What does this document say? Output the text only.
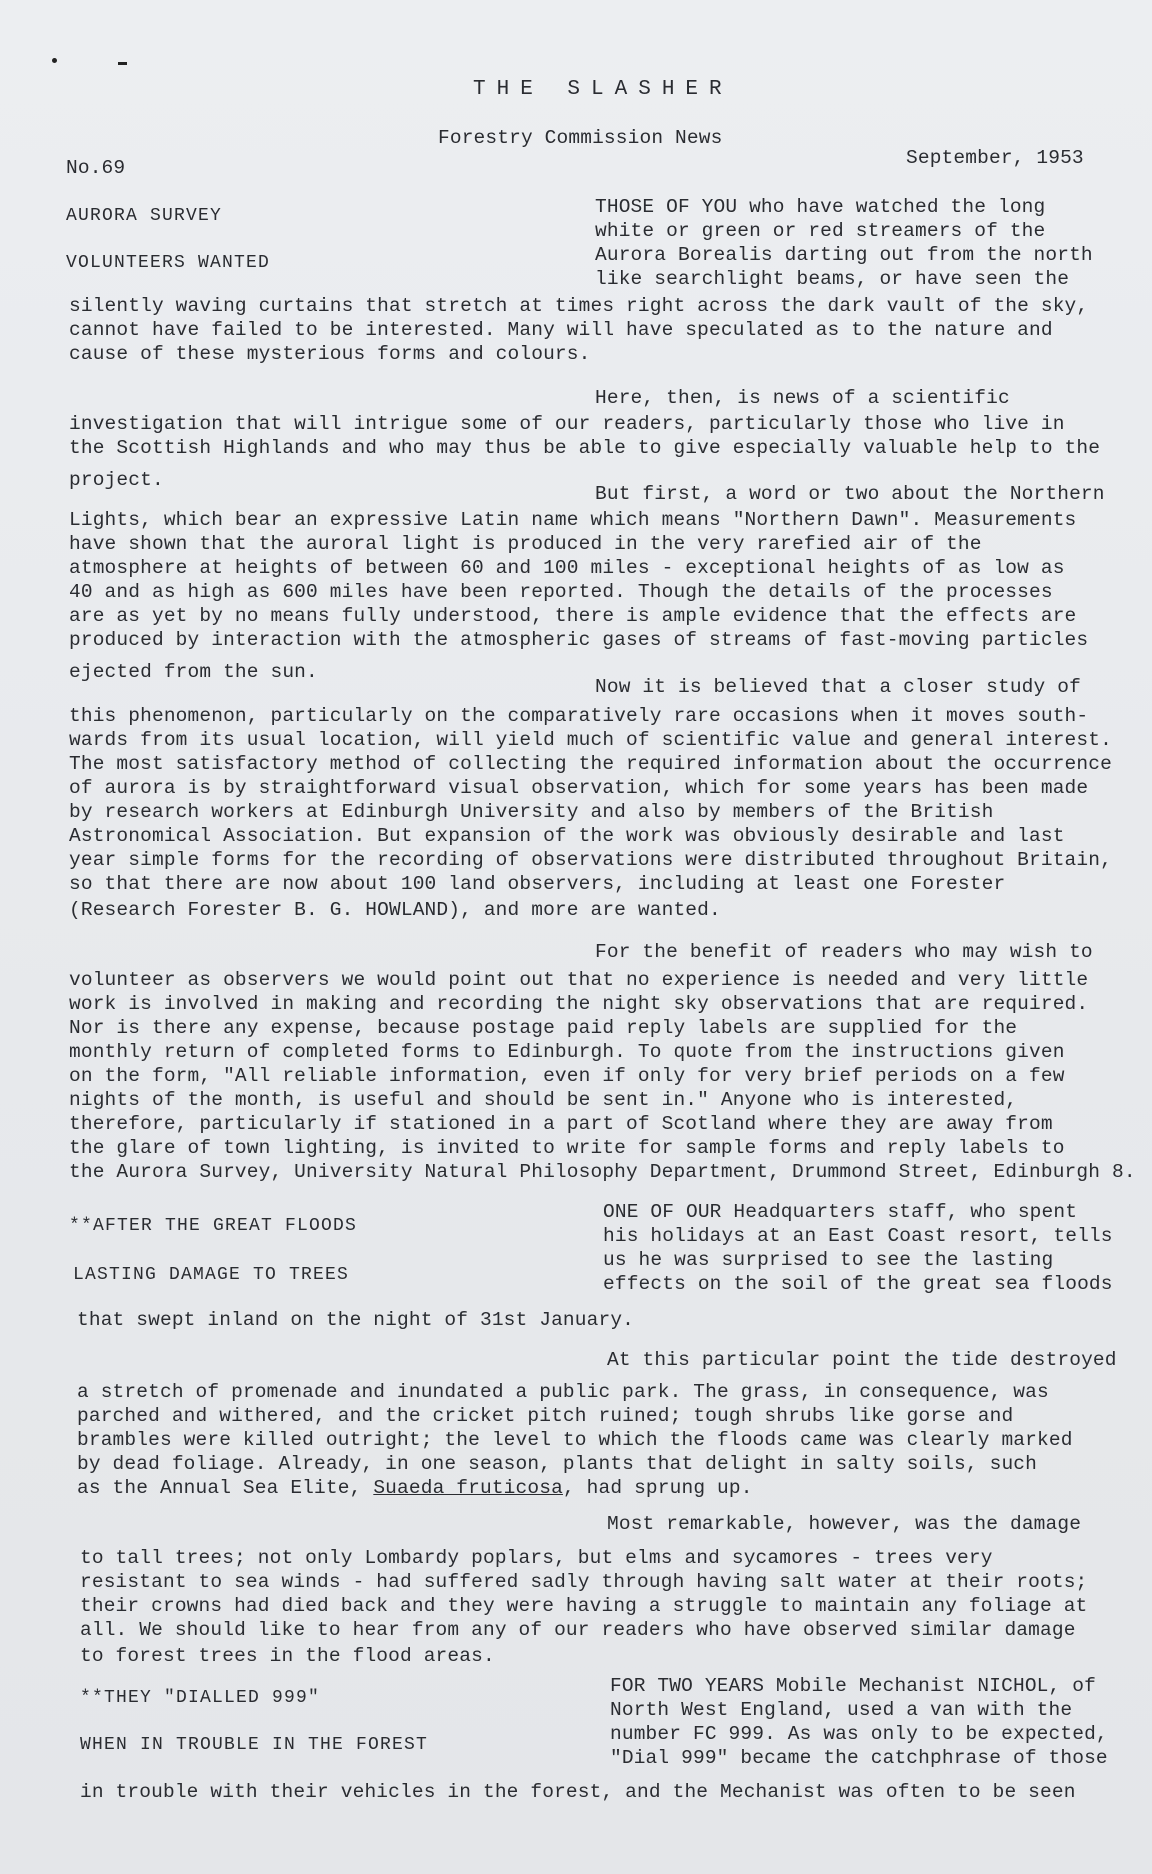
THE SLASHER
Forestry Commission News
No.69	September, 1953
AURORA SURVEY
VOLUNTEERS WANTED
THOSE OF YOU who have watched the long
white or green or red streamers of the
Aurora Borealis darting out from the north
like searchlight beams, or have seen the
silently waving curtains that stretch at times right across the dark vault of the sky,
cannot have failed to be interested. Many will have speculated as to the nature and
cause of these mysterious forms and colours.
Here, then, is news of a scientific
investigation that will intrigue some of our readers, particularly those who live in
the Scottish Highlands and who may thus be able to give especially valuable help to the
project.
But first, a word or two about the Northern
Lights, which bear an expressive Latin name which means "Northern Dawn". Measurements
have shown that the auroral light is produced in the very rarefied air of the
atmosphere at heights of between 60 and 100 miles - exceptional heights of as low as
40 and as high as 600 miles have been reported. Though the details of the processes
are as yet by no means fully understood, there is ample evidence that the effects are
produced by interaction with the atmospheric gases of streams of fast-moving particles
ejected from the sun.
Now it is believed that a closer study of
this phenomenon, particularly on the comparatively rare occasions when it moves south-
wards from its usual location, will yield much of scientific value and general interest.
The most satisfactory method of collecting the required information about the occurrence
of aurora is by straightforward visual observation, which for some years has been made
by research workers at Edinburgh University and also by members of the British
Astronomical Association. But expansion of the work was obviously desirable and last
year simple forms for the recording of observations were distributed throughout Britain,
so that there are now about 100 land observers, including at least one Forester
(Research Forester B. G. HOWLAND), and more are wanted.
For the benefit of readers who may wish to
volunteer as observers we would point out that no experience is needed and very little
work is involved in making and recording the night sky observations that are required.
Nor is there any expense, because postage paid reply labels are supplied for the
monthly return of completed forms to Edinburgh. To quote from the instructions given
on the form, "All reliable information, even if only for very brief periods on a few
nights of the month, is useful and should be sent in." Anyone who is interested,
therefore, particularly if stationed in a part of Scotland where they are away from
the glare of town lighting, is invited to write for sample forms and reply labels to
the Aurora Survey, University Natural Philosophy Department, Drummond Street, Edinburgh 8.
**AFTER THE GREAT FLOODS
LASTING DAMAGE TO TREES
ONE OF OUR Headquarters staff, who spent
his holidays at an East Coast resort, tells
us he was surprised to see the lasting
effects on the soil of the great sea floods
that swept inland on the night of 31st January.
At this particular point the tide destroyed
a stretch of promenade and inundated a public park. The grass, in consequence, was
parched and withered, and the cricket pitch ruined; tough shrubs like gorse and
brambles were killed outright; the level to which the floods came was clearly marked
by dead foliage. Already, in one season, plants that delight in salty soils, such
as the Annual Sea Elite, Suaeda fruticosa, had sprung up.
Most remarkable, however, was the damage
to tall trees; not only Lombardy poplars, but elms and sycamores - trees very
resistant to sea winds - had suffered sadly through having salt water at their roots;
their crowns had died back and they were having a struggle to maintain any foliage at
all. We should like to hear from any of our readers who have observed similar damage
to forest trees in the flood areas.
**THEY "DIALLED 999"
WHEN IN TROUBLE IN THE FOREST
FOR TWO YEARS Mobile Mechanist NICHOL, of
North West England, used a van with the
number FC 999. As was only to be expected,
"Dial 999" became the catchphrase of those
in trouble with their vehicles in the forest, and the Mechanist was often to be seen
